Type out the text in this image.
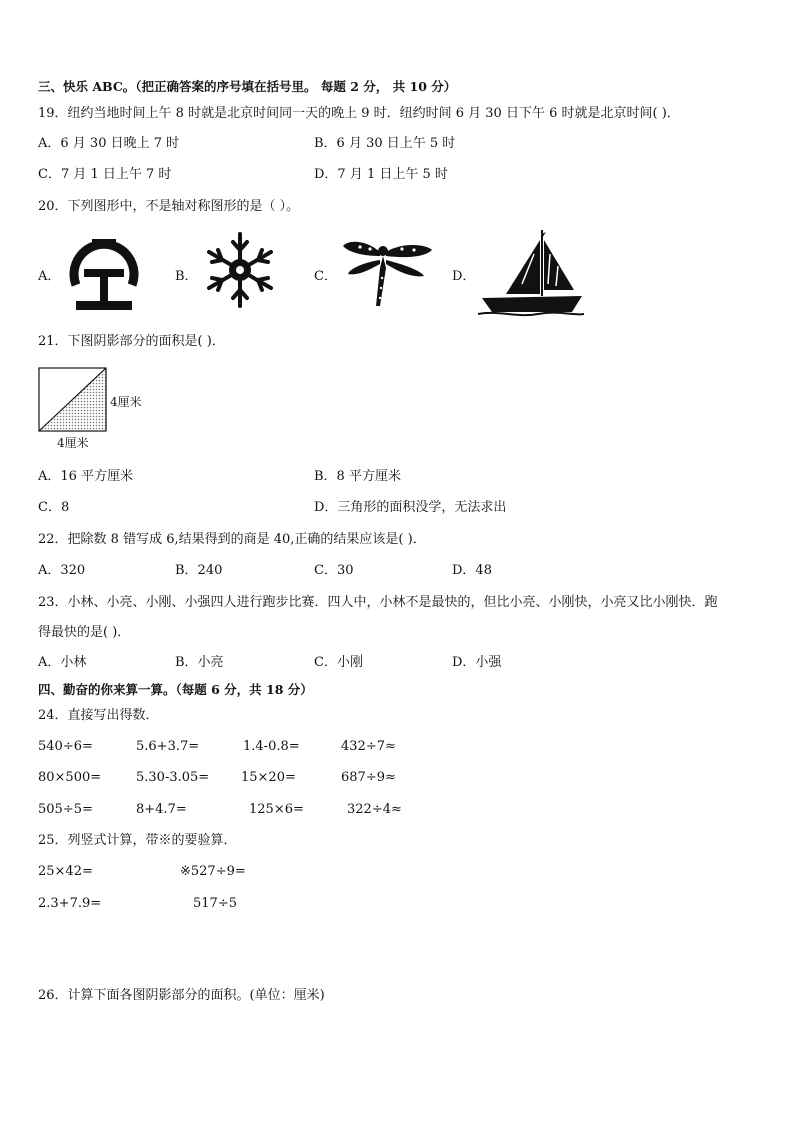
三、快乐 ABC。（把正确答案的序号填在括号里。 每题 2 分， 共 10 分）
19．纽约当地时间上午 8 时就是北京时间同一天的晚上 9 时．纽约时间 6 月 30 日下午 6 时就是北京时间( )．
A．6 月 30 日晚上 7 时	B．6 月 30 日上午 5 时
C．7 月 1 日上午 7 时	D．7 月 1 日上午 5 时
20．下列图形中，不是轴对称图形的是（ ）。
A．	B．	C．	D．
21．下图阴影部分的面积是( )．
4厘米
4厘米
A．16 平方厘米	B．8 平方厘米
C．8	D．三角形的面积没学，无法求出
22．把除数 8 错写成 6,结果得到的商是 40,正确的结果应该是( )．
A．320	B．240	C．30	D．48
23．小林、小亮、小刚、小强四人进行跑步比赛．四人中，小林不是最快的，但比小亮、小刚快，小亮又比小刚快．跑
得最快的是( )．
A．小林	B．小亮	C．小刚	D．小强
四、勤奋的你来算一算。（每题 6 分，共 18 分）
24．直接写出得数．
540÷6=	5.6+3.7=	1.4-0.8=	432÷7≈
80×500=	5.30-3.05= 15×20=	687÷9≈
505÷5=	8+4.7=	125×6=	322÷4≈
25．列竖式计算，带※的要验算．
25×42=	※527÷9=
2.3+7.9=	517÷5
26．计算下面各图阴影部分的面积。(单位：厘米)
